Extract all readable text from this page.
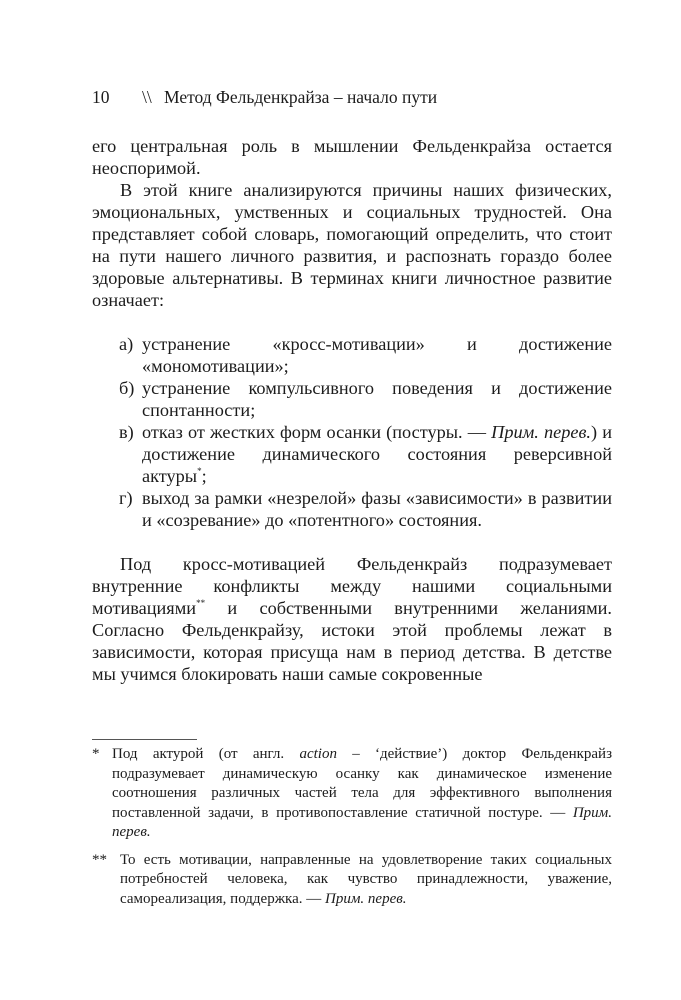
10 \\ Метод Фельденкрайза – начало пути

его центральная роль в мышлении Фельденкрайза остается неоспоримой.

В этой книге анализируются причины наших физических, эмоциональных, умственных и социальных трудностей. Она представляет собой словарь, помогающий определить, что стоит на пути нашего личного развития, и распознать гораздо более здоровые альтернативы. В терминах книги личностное развитие означает:

а) устранение «кросс-мотивации» и достижение «мономотивации»;
б) устранение компульсивного поведения и достижение спонтанности;
в) отказ от жестких форм осанки (постуры. — Прим. перев.) и достижение динамического состояния реверсивной актуры*;
г) выход за рамки «незрелой» фазы «зависимости» в развитии и «созревание» до «потентного» состояния.

Под кросс-мотивацией Фельденкрайз подразумевает внутренние конфликты между нашими социальными мотивациями** и собственными внутренними желаниями. Согласно Фельденкрайзу, истоки этой проблемы лежат в зависимости, которая присуща нам в период детства. В детстве мы учимся блокировать наши самые сокровенные

* Под актурой (от англ. action – ‘действие’) доктор Фельденкрайз подразумевает динамическую осанку как динамическое изменение соотношения различных частей тела для эффективного выполнения поставленной задачи, в противопоставление статичной постуре. — Прим. перев.
** То есть мотивации, направленные на удовлетворение таких социальных потребностей человека, как чувство принадлежности, уважение, самореализация, поддержка. — Прим. перев.
